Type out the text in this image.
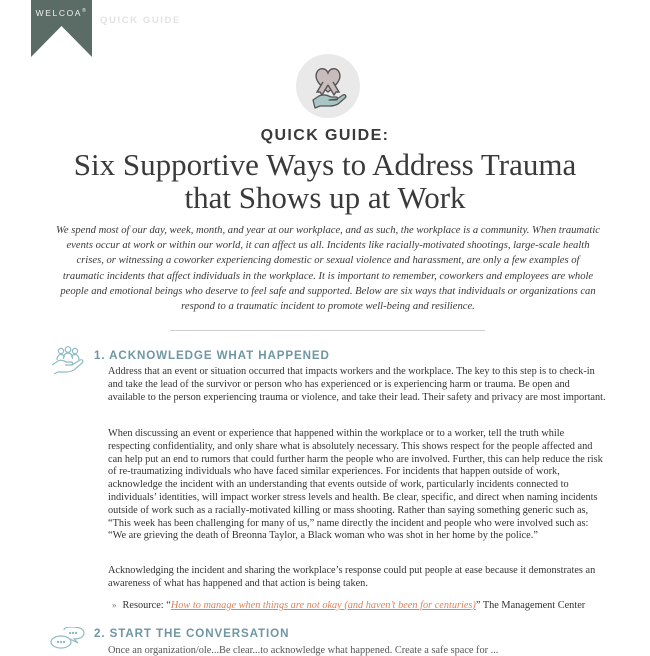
WELCOA®
QUICK GUIDE
QUICK GUIDE:
Six Supportive Ways to Address Trauma
that Shows up at Work
We spend most of our day, week, month, and year at our workplace, and as such, the workplace is a community. When traumatic events occur at work or within our world, it can affect us all. Incidents like racially-motivated shootings, large-scale health crises, or witnessing a coworker experiencing domestic or sexual violence and harassment, are only a few examples of traumatic incidents that affect individuals in the workplace. It is important to remember, coworkers and employees are whole people and emotional beings who deserve to feel safe and supported. Below are six ways that individuals or organizations can respond to a traumatic incident to promote well-being and resilience.
1. ACKNOWLEDGE WHAT HAPPENED
Address that an event or situation occurred that impacts workers and the workplace. The key to this step is to check-in and take the lead of the survivor or person who has experienced or is experiencing harm or trauma. Be open and available to the person experiencing trauma or violence, and take their lead. Their safety and privacy are most important.
When discussing an event or experience that happened within the workplace or to a worker, tell the truth while respecting confidentiality, and only share what is absolutely necessary. This shows respect for the people affected and can help put an end to rumors that could further harm the people who are involved. Further, this can help reduce the risk of re-traumatizing individuals who have faced similar experiences. For incidents that happen outside of work, acknowledge the incident with an understanding that events outside of work, particularly incidents connected to individuals’ identities, will impact worker stress levels and health. Be clear, specific, and direct when naming incidents outside of work such as a racially-motivated killing or mass shooting. Rather than saying something generic such as, “This week has been challenging for many of us,” name directly the incident and people who were involved such as: “We are grieving the death of Breonna Taylor, a Black woman who was shot in her home by the police.”
Acknowledging the incident and sharing the workplace’s response could put people at ease because it demonstrates an awareness of what has happened and that action is being taken.
» Resource: “How to manage when things are not okay (and haven’t been for centuries)” The Management Center
2. START THE CONVERSATION
Once an organization/ole...Be clear...to acknowledge what happened. Create a safe space for ...
